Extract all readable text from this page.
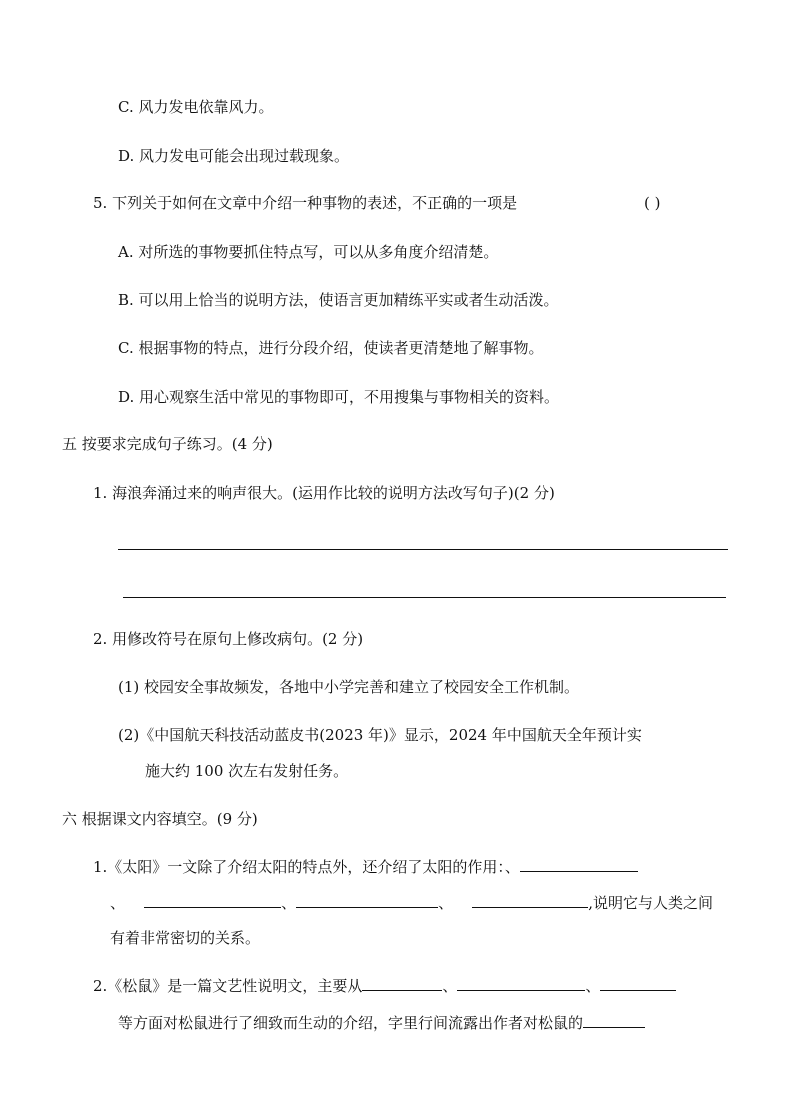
C. 风力发电依靠风力。
D. 风力发电可能会出现过载现象。
5. 下列关于如何在文章中介绍一种事物的表述，不正确的一项是	( )
A. 对所选的事物要抓住特点写，可以从多角度介绍清楚。
B. 可以用上恰当的说明方法，使语言更加精练平实或者生动活泼。
C. 根据事物的特点，进行分段介绍，使读者更清楚地了解事物。
D. 用心观察生活中常见的事物即可，不用搜集与事物相关的资料。
五 按要求完成句子练习。(4 分)
1. 海浪奔涌过来的响声很大。(运用作比较的说明方法改写句子)(2 分)
2. 用修改符号在原句上修改病句。(2 分)
(1) 校园安全事故频发，各地中小学完善和建立了校园安全工作机制。
(2)《中国航天科技活动蓝皮书(2023 年)》显示，2024 年中国航天全年预计实
施大约 100 次左右发射任务。
六 根据课文内容填空。(9 分)
1.《太阳》一文除了介绍太阳的特点外，还介绍了太阳的作用：、
、	、	、	,说明它与人类之间
有着非常密切的关系。
2.《松鼠》是一篇文艺性说明文，主要从	、	、
等方面对松鼠进行了细致而生动的介绍，字里行间流露出作者对松鼠的
